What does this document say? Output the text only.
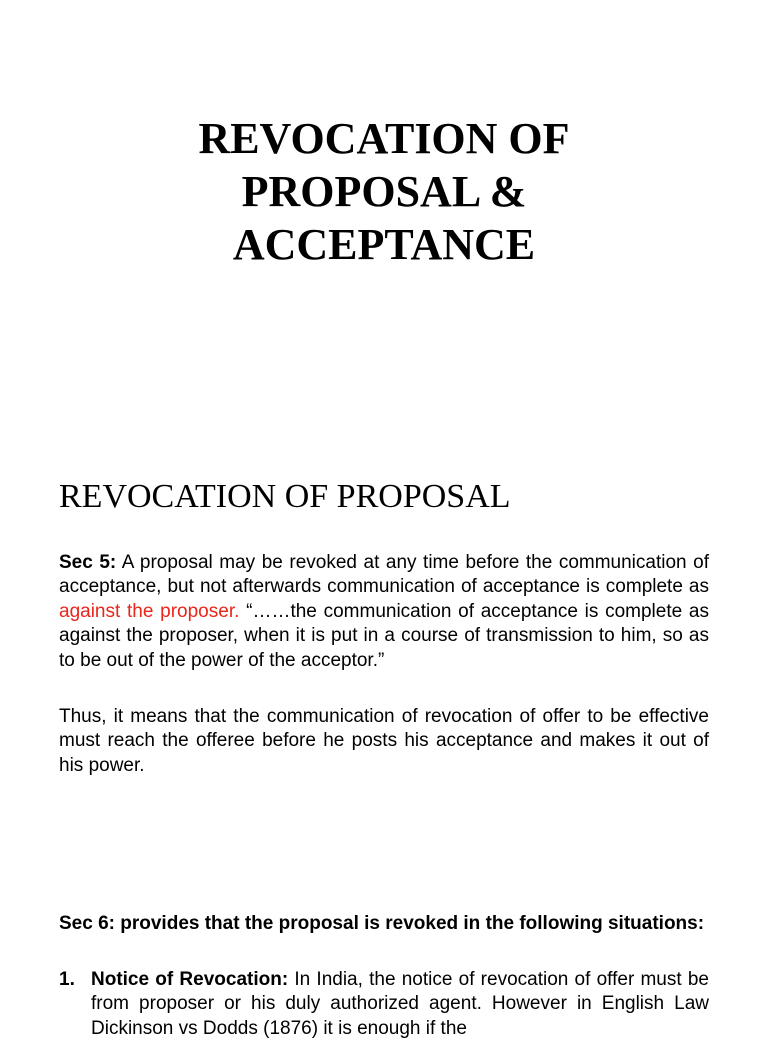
REVOCATION OF
PROPOSAL &
ACCEPTANCE
REVOCATION OF PROPOSAL

Sec 5: A proposal may be revoked at any time before the communication of acceptance, but not afterwards communication of acceptance is complete as against the proposer. “……the communication of acceptance is complete as against the proposer, when it is put in a course of transmission to him, so as to be out of the power of the acceptor.”

Thus, it means that the communication of revocation of offer to be effective must reach the offeree before he posts his acceptance and makes it out of his power.

Sec 6: provides that the proposal is revoked in the following situations:

1. Notice of Revocation: In India, the notice of revocation of offer must be from proposer or his duly authorized agent. However in English Law Dickinson vs Dodds (1876) it is enough if the
